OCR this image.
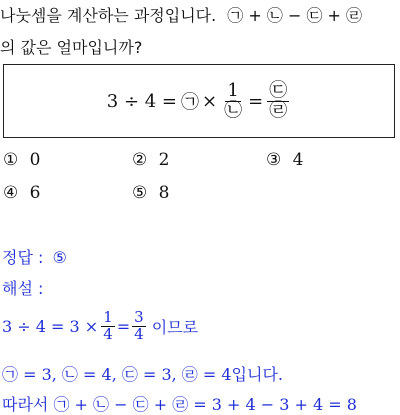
나눗셈을 계산하는 과정입니다. ㉠ + ㉡ − ㉢ + ㉣
의 값은 얼마입니까?
3 ÷ 4 = ㉠ × $\frac{1}{㉡} = \frac{㉢}{㉣}$
① 0	② 2	③ 4
④ 6	⑤ 8
정답 : ⑤
해설 :
$3 \div 4 = 3 \times \frac{1}{4} = \frac{3}{4}$ 이므로
㉠ = 3, ㉡ = 4, ㉢ = 3, ㉣ = 4입니다.
따라서 ㉠ + ㉡ − ㉢ + ㉣ = 3 + 4 − 3 + 4 = 8
